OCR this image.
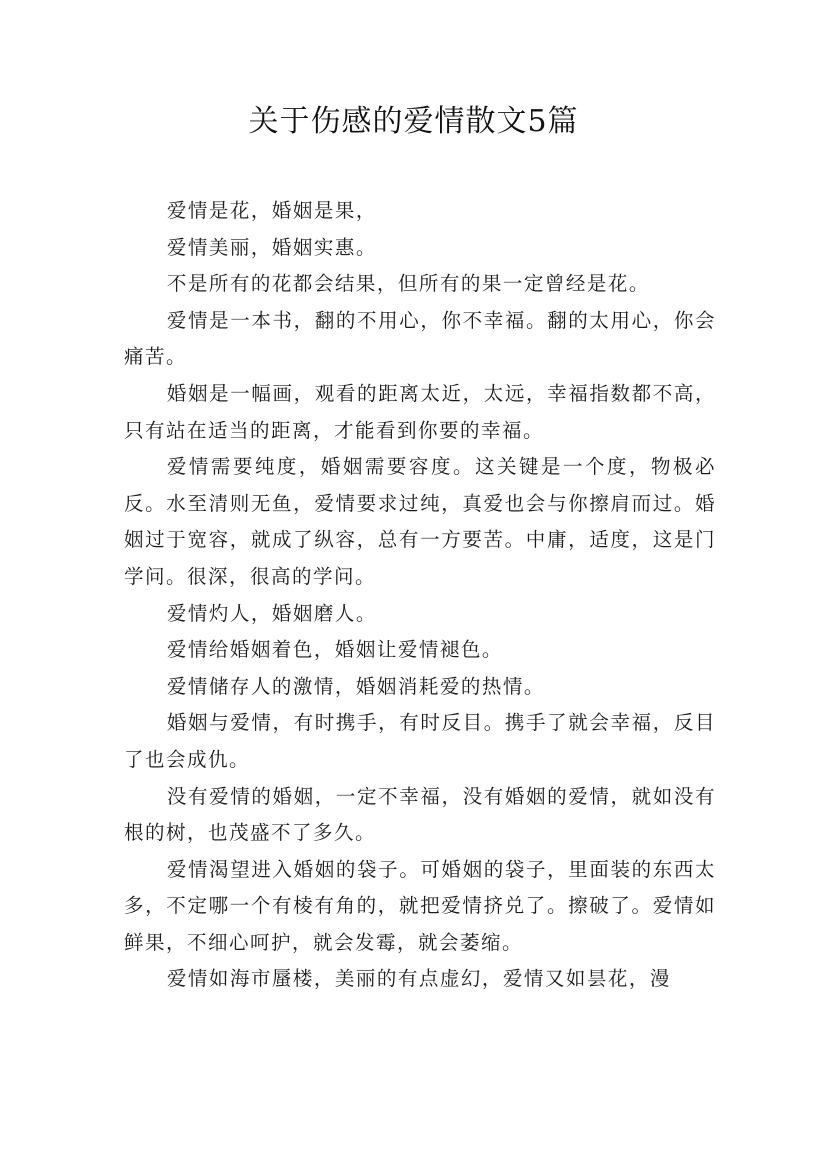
关于伤感的爱情散文5篇

爱情是花，婚姻是果，

爱情美丽，婚姻实惠。

不是所有的花都会结果，但所有的果一定曾经是花。

爱情是一本书，翻的不用心，你不幸福。翻的太用心，你会痛苦。

婚姻是一幅画，观看的距离太近，太远，幸福指数都不高，只有站在适当的距离，才能看到你要的幸福。

爱情需要纯度，婚姻需要容度。这关键是一个度，物极必反。水至清则无鱼，爱情要求过纯，真爱也会与你擦肩而过。婚姻过于宽容，就成了纵容，总有一方要苦。中庸，适度，这是门学问。很深，很高的学问。

爱情灼人，婚姻磨人。

爱情给婚姻着色，婚姻让爱情褪色。

爱情储存人的激情，婚姻消耗爱的热情。

婚姻与爱情，有时携手，有时反目。携手了就会幸福，反目了也会成仇。

没有爱情的婚姻，一定不幸福，没有婚姻的爱情，就如没有根的树，也茂盛不了多久。

爱情渴望进入婚姻的袋子。可婚姻的袋子，里面装的东西太多，不定哪一个有棱有角的，就把爱情挤兑了。擦破了。爱情如鲜果，不细心呵护，就会发霉，就会萎缩。

爱情如海市蜃楼，美丽的有点虚幻，爱情又如昙花，漫
